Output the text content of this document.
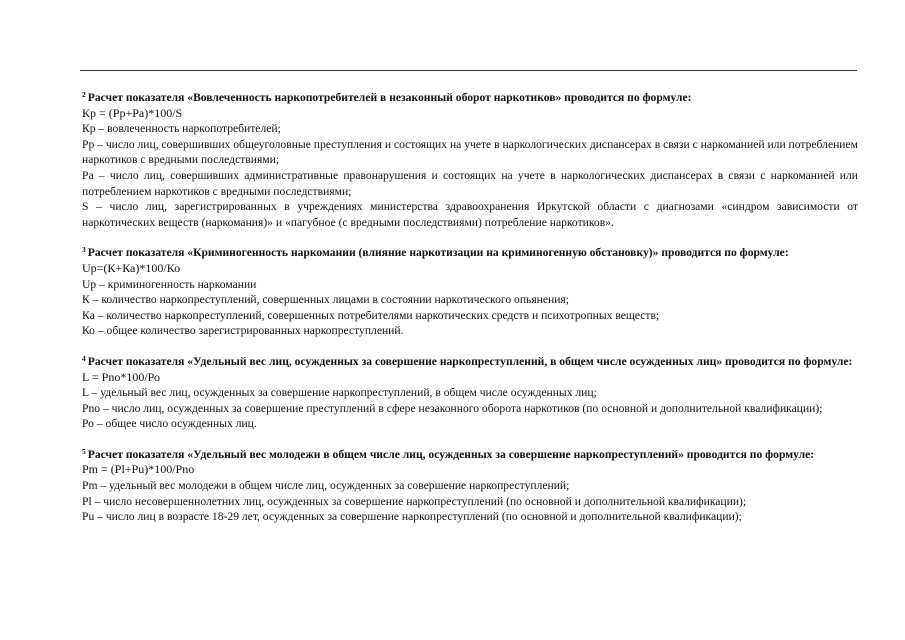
$^2$ Расчет показателя «Вовлеченность наркопотребителей в незаконный оборот наркотиков» проводится по формуле:
Кр = (Рр+Ра)*100/S
Кр – вовлеченность наркопотребителей;
Рр – число лиц, совершивших общеуголовные преступления и состоящих на учете в наркологических диспансерах в связи с наркоманией или потреблением наркотиков с вредными последствиями;
Ра – число лиц, совершивших административные правонарушения и состоящих на учете в наркологических диспансерах в связи с наркоманией или потреблением наркотиков с вредными последствиями;
S – число лиц, зарегистрированных в учреждениях министерства здравоохранения Иркутской области с диагнозами «синдром зависимости от наркотических веществ (наркомания)» и «пагубное (с вредными последствиями) потребление наркотиков».
$^3$ Расчет показателя «Криминогенность наркомании (влияние наркотизации на криминогенную обстановку)» проводится по формуле:
Uр=(К+Ка)*100/Ко
Uр – криминогенность наркомании
К – количество наркопреступлений, совершенных лицами в состоянии наркотического опьянения;
Ка – количество наркопреступлений, совершенных потребителями наркотических средств и психотропных веществ;
Ко – общее количество зарегистрированных наркопреступлений.
$^4$ Расчет показателя «Удельный вес лиц, осужденных за совершение наркопреступлений, в общем числе осужденных лиц» проводится по формуле:
L = Рno*100/Ро
L – удельный вес лиц, осужденных за совершение наркопреступлений, в общем числе осужденных лиц;
Рno – число лиц, осужденных за совершение преступлений в сфере незаконного оборота наркотиков (по основной и дополнительной квалификации);
Ро – общее число осужденных лиц.
$^5$ Расчет показателя «Удельный вес молодежи в общем числе лиц, осужденных за совершение наркопреступлений» проводится по формуле:
Рm = (Рl+Рu)*100/Рno
Рm – удельный вес молодежи в общем числе лиц, осужденных за совершение наркопреступлений;
Рl – число несовершеннолетних лиц, осужденных за совершение наркопреступлений (по основной и дополнительной квалификации);
Рu – число лиц в возрасте 18-29 лет, осужденных за совершение наркопреступлений (по основной и дополнительной квалификации);
